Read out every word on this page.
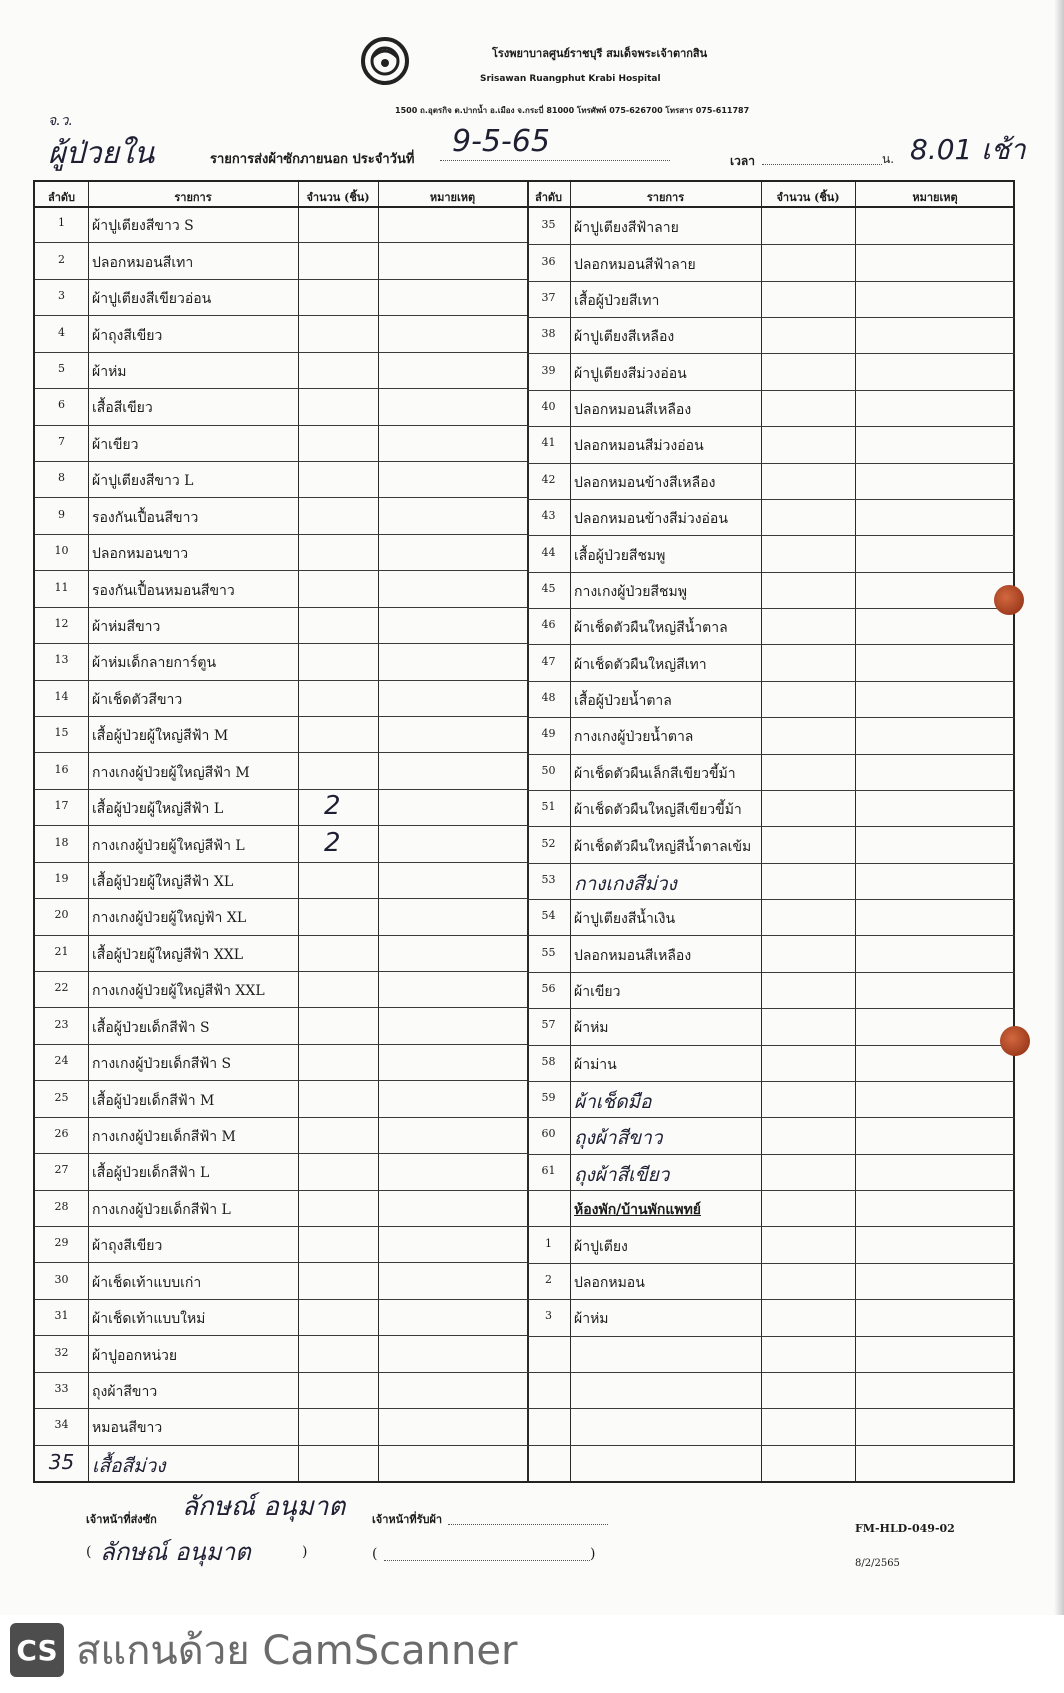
โรงพยาบาลศูนย์ราชบุรี สมเด็จพระเจ้าตากสิน
Srisawan Ruangphut Krabi Hospital
1500 ถ.อุตรกิจ ต.ปากน้ำ อ.เมือง จ.กระบี่ 81000 โทรศัพท์ 075-626700 โทรสาร 075-611787
จ.ว.
ผู้ป่วยใน	รายการส่งผ้าซักภายนอก ประจำวันที่
9-5-65
เวลา	น. 8.01 เช้า
ลำดับ	รายการ	จำนวน (ชิ้น)	หมายเหตุ	ลำดับ	รายการ	จำนวน (ชิ้น)	หมายเหตุ
1	ผ้าปูเตียงสีขาว S
2	ปลอกหมอนสีเทา
3	ผ้าปูเตียงสีเขียวอ่อน
4	ผ้าถุงสีเขียว
5	ผ้าห่ม
6	เสื้อสีเขียว
7	ผ้าเขียว
8	ผ้าปูเตียงสีขาว L
9	รองกันเปื้อนสีขาว
10	ปลอกหมอนขาว
11	รองกันเปื้อนหมอนสีขาว
12	ผ้าห่มสีขาว
13	ผ้าห่มเด็กลายการ์ตูน
14	ผ้าเช็ดตัวสีขาว
15	เสื้อผู้ป่วยผู้ใหญ่สีฟ้า M
16	กางเกงผู้ป่วยผู้ใหญ่สีฟ้า M
17	เสื้อผู้ป่วยผู้ใหญ่สีฟ้า L	2
18	กางเกงผู้ป่วยผู้ใหญ่สีฟ้า L	2
19	เสื้อผู้ป่วยผู้ใหญ่สีฟ้า XL
20	กางเกงผู้ป่วยผู้ใหญ่ฟ้า XL
21	เสื้อผู้ป่วยผู้ใหญ่สีฟ้า XXL
22	กางเกงผู้ป่วยผู้ใหญ่สีฟ้า XXL
23	เสื้อผู้ป่วยเด็กสีฟ้า S
24	กางเกงผู้ป่วยเด็กสีฟ้า S
25	เสื้อผู้ป่วยเด็กสีฟ้า M
26	กางเกงผู้ป่วยเด็กสีฟ้า M
27	เสื้อผู้ป่วยเด็กสีฟ้า L
28	กางเกงผู้ป่วยเด็กสีฟ้า L
29	ผ้าถุงสีเขียว
30	ผ้าเช็ดเท้าแบบเก่า
31	ผ้าเช็ดเท้าแบบใหม่
32	ผ้าปูออกหน่วย
33	ถุงผ้าสีขาว
34	หมอนสีขาว
35 เสื้อสีม่วง
35	ผ้าปูเตียงสีฟ้าลาย
36	ปลอกหมอนสีฟ้าลาย
37	เสื้อผู้ป่วยสีเทา
38	ผ้าปูเตียงสีเหลือง
39	ผ้าปูเตียงสีม่วงอ่อน
40	ปลอกหมอนสีเหลือง
41	ปลอกหมอนสีม่วงอ่อน
42	ปลอกหมอนข้างสีเหลือง
43	ปลอกหมอนข้างสีม่วงอ่อน
44	เสื้อผู้ป่วยสีชมพู
45	กางเกงผู้ป่วยสีชมพู
46	ผ้าเช็ดตัวผืนใหญ่สีน้ำตาล
47	ผ้าเช็ดตัวผืนใหญ่สีเทา
48	เสื้อผู้ป่วยน้ำตาล
49	กางเกงผู้ป่วยน้ำตาล
50	ผ้าเช็ดตัวผืนเล็กสีเขียวขี้ม้า
51	ผ้าเช็ดตัวผืนใหญ่สีเขียวขี้ม้า
52	ผ้าเช็ดตัวผืนใหญ่สีน้ำตาลเข้ม
53 กางเกงสีม่วง
54	ผ้าปูเตียงสีน้ำเงิน
55	ปลอกหมอนสีเหลือง
56	ผ้าเขียว
57	ผ้าห่ม
58	ผ้าม่าน
59 ผ้าเช็ดมือ
60 ถุงผ้าสีขาว
61 ถุงผ้าสีเขียว
ห้องพัก/บ้านพักแพทย์
1	ผ้าปูเตียง
2	ปลอกหมอน
3	ผ้าห่ม
เจ้าหน้าที่ส่งซัก ลักษณ์ อนุมาต
( ลักษณ์ อนุมาต	)
เจ้าหน้าที่รับผ้า
(	)
FM-HLD-049-02
8/2/2565
CS สแกนด้วย CamScanner
